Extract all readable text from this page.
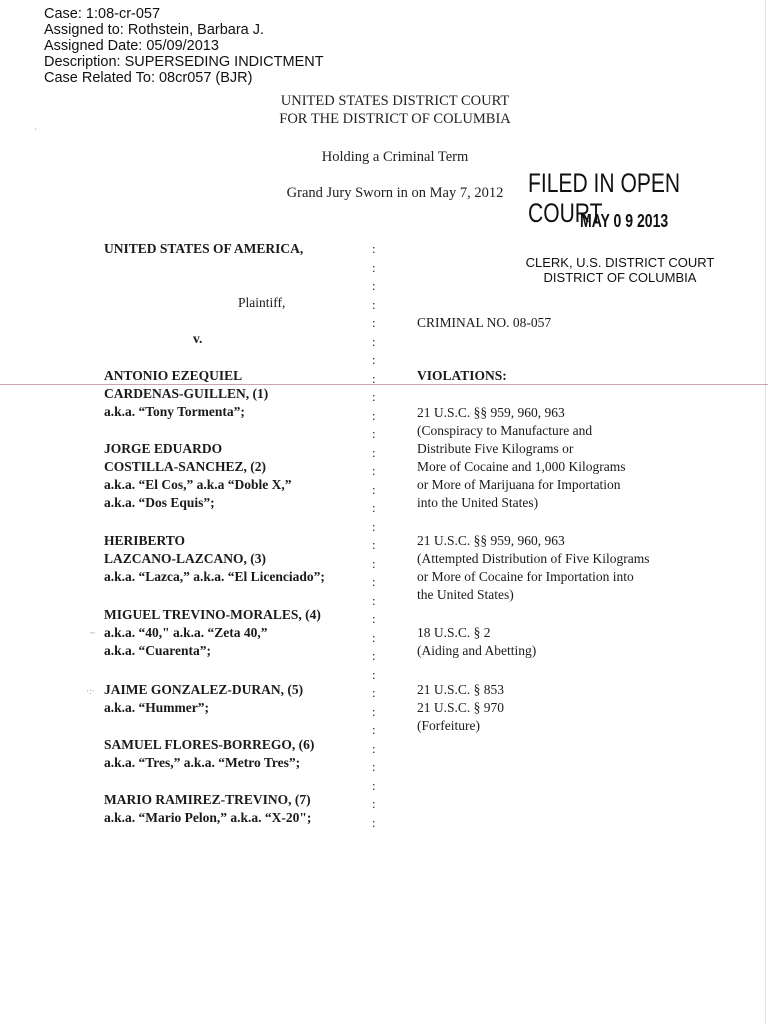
Case: 1:08-cr-057
Assigned to: Rothstein, Barbara J.
Assigned Date: 05/09/2013
Description: SUPERSEDING INDICTMENT
Case Related To: 08cr057 (BJR)
UNITED STATES DISTRICT COURT
FOR THE DISTRICT OF COLUMBIA
Holding a Criminal Term
Grand Jury Sworn in on May 7, 2012 FILED IN OPEN COURT
MAY 0 9 2013
CLERK, U.S. DISTRICT COURT
DISTRICT OF COLUMBIA
UNITED STATES OF AMERICA,
Plaintiff,
v.
ANTONIO EZEQUIEL
CARDENAS-GUILLEN, (1)
a.k.a. “Tony Tormenta”;
JORGE EDUARDO
COSTILLA-SANCHEZ, (2)
a.k.a. “El Cos,” a.k.a “Doble X,”
a.k.a. “Dos Equis”;
HERIBERTO
LAZCANO-LAZCANO, (3)
a.k.a. “Lazca,” a.k.a. “El Licenciado”;
MIGUEL TREVINO-MORALES, (4)
a.k.a. “40," a.k.a. “Zeta 40,”
a.k.a. “Cuarenta”;
JAIME GONZALEZ-DURAN, (5)
a.k.a. “Hummer”;
SAMUEL FLORES-BORREGO, (6)
a.k.a. “Tres,” a.k.a. “Metro Tres”;
MARIO RAMIREZ-TREVINO, (7)
a.k.a. “Mario Pelon,” a.k.a. “X-20";
:
:
:
:
:
:
:
:
:
:
:
:
:
:
:
:
:
:
:
:
:
:
:
:
:
:
:
:
:
:
:
:
CRIMINAL NO. 08-057
VIOLATIONS:
21 U.S.C. §§ 959, 960, 963
(Conspiracy to Manufacture and
Distribute Five Kilograms or
More of Cocaine and 1,000 Kilograms
or More of Marijuana for Importation
into the United States)
21 U.S.C. §§ 959, 960, 963
(Attempted Distribution of Five Kilograms
or More of Cocaine for Importation into
the United States)
18 U.S.C. § 2
(Aiding and Abetting)
21 U.S.C. § 853
21 U.S.C. § 970
(Forfeiture)
·:·
~
·
